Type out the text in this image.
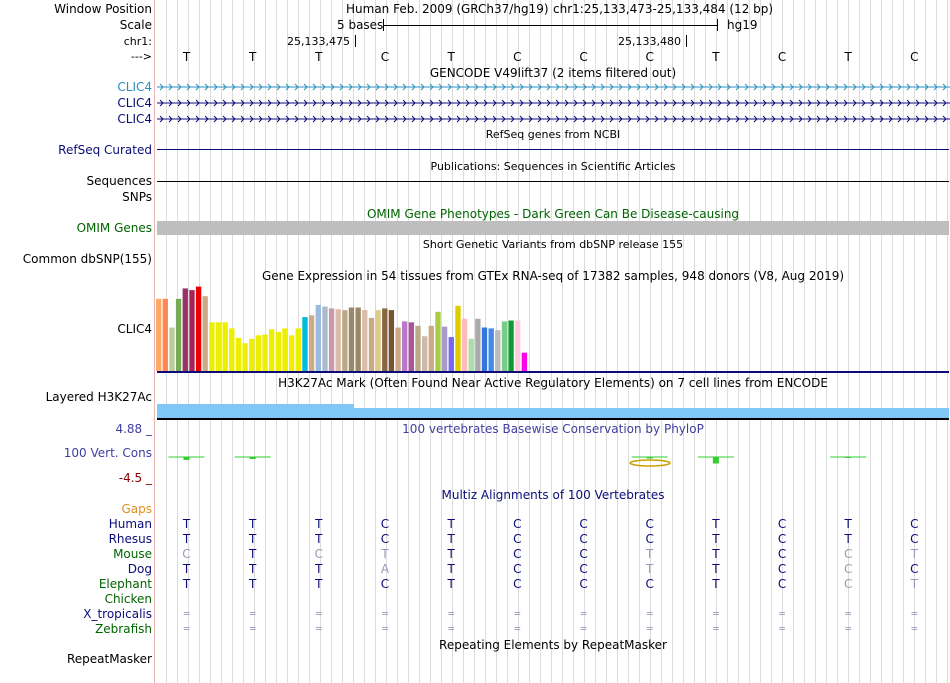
Window Position	Human Feb. 2009 (GRCh37/hg19) chr1:25,133,473-25,133,484 (12 bp)
Scale	5 bases	hg19
chr1:	25,133,475	25,133,480
--->	T	T	T	C	T	C	C	C	T	C	T	C
GENCODE V49lift37 (2 items filtered out)
CLIC4
CLIC4
CLIC4
RefSeq genes from NCBI
RefSeq Curated
Publications: Sequences in Scientific Articles
Sequences
SNPs
OMIM Gene Phenotypes - Dark Green Can Be Disease-causing
OMIM Genes
Short Genetic Variants from dbSNP release 155
Common dbSNP(155)
Gene Expression in 54 tissues from GTEx RNA-seq of 17382 samples, 948 donors (V8, Aug 2019)
CLIC4
H3K27Ac Mark (Often Found Near Active Regulatory Elements) on 7 cell lines from ENCODE
Layered H3K27Ac
4.88 _	100 vertebrates Basewise Conservation by PhyloP
100 Vert. Cons
-4.5 _
Multiz Alignments of 100 Vertebrates
Gaps
Human	T	T	T	C	T	C	C	C	T	C	T	C
Rhesus	T	T	T	C	T	C	C	C	T	C	T	C
Mouse	C	T	C	T	T	C	C	T	T	C	C	T
Dog	T	T	T	A	T	C	C	T	T	C	C	C
Elephant	T	T	T	C	T	C	C	C	T	C	C	T
Chicken
X_tropicalis	=	=	=	=	=	=	=	=	=	=	=	=
Zebrafish	=	=	=	=	=	=	=	=	=	=	=	=
Repeating Elements by RepeatMasker
RepeatMasker
